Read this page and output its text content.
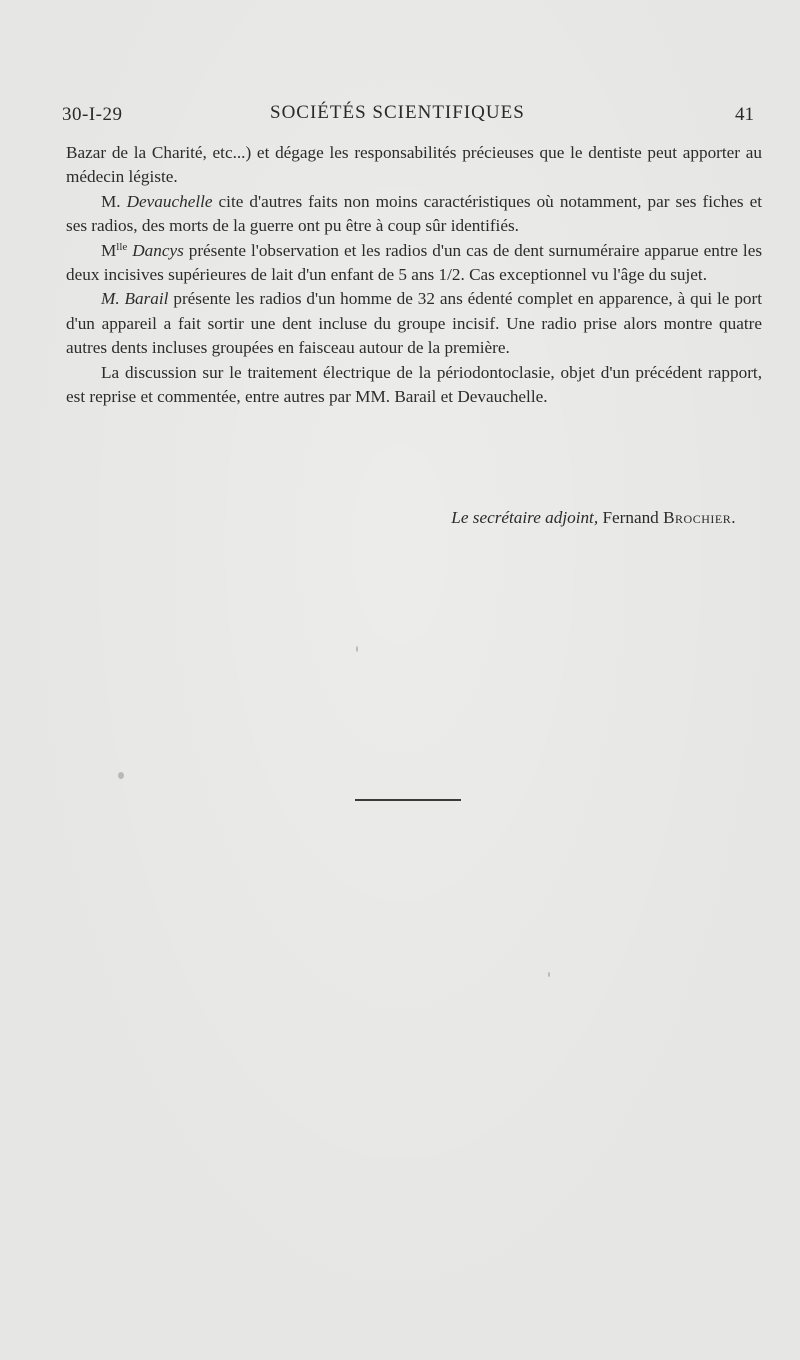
30-I-29	SOCIÉTÉS SCIENTIFIQUES	41

Bazar de la Charité, etc...) et dégage les responsabilités précieuses que le dentiste peut apporter au médecin légiste.

M. Devauchelle cite d'autres faits non moins caractéristiques où notamment, par ses fiches et ses radios, des morts de la guerre ont pu être à coup sûr identifiés.

$M^{lle}$ Dancys présente l'observation et les radios d'un cas de dent surnuméraire apparue entre les deux incisives supérieures de lait d'un enfant de 5 ans 1/2. Cas exceptionnel vu l'âge du sujet.

M. Barail présente les radios d'un homme de 32 ans édenté complet en apparence, à qui le port d'un appareil a fait sortir une dent incluse du groupe incisif. Une radio prise alors montre quatre autres dents incluses groupées en faisceau autour de la première.

La discussion sur le traitement électrique de la périodontoclasie, objet d'un précédent rapport, est reprise et commentée, entre autres par MM. Barail et Devauchelle.

Le secrétaire adjoint, Fernand Brochier.
